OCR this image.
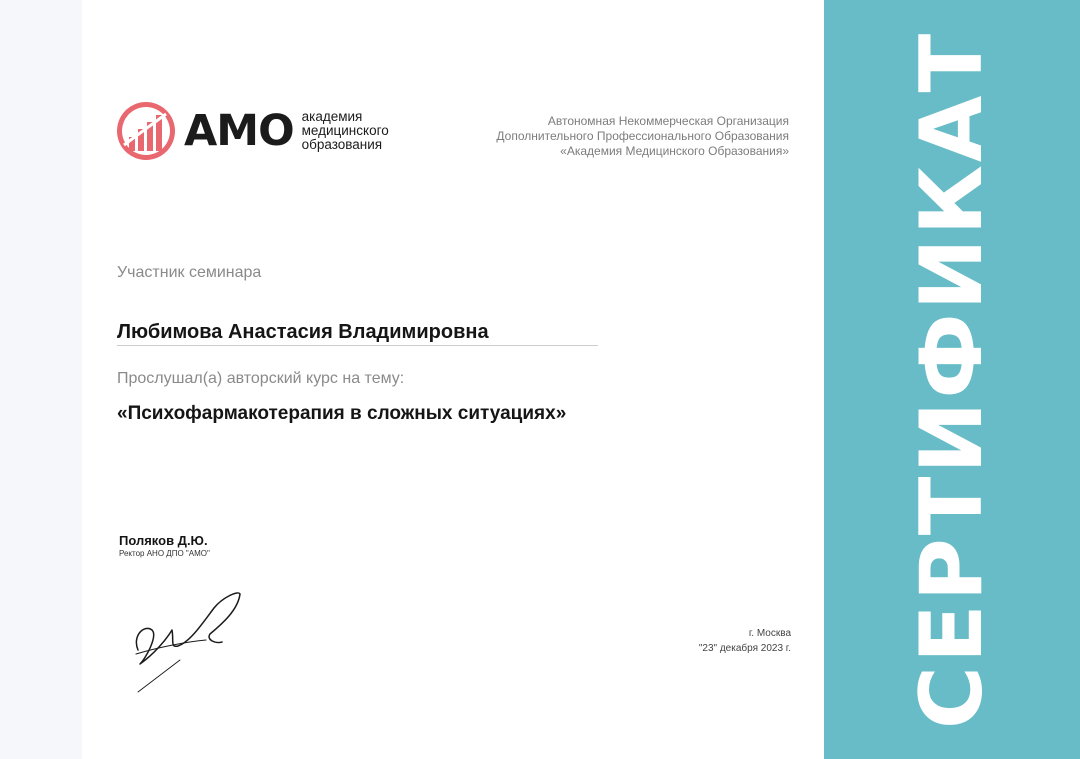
АМО академия
медицинского
образования
Автономная Некоммерческая Организация
Дополнительного Профессионального Образования
«Академия Медицинского Образования»
Участник семинара
Любимова Анастасия Владимировна
Прослушал(а) авторский курс на тему:
«Психофармакотерапия в сложных ситуациях»
Поляков Д.Ю.
Ректор АНО ДПО "АМО"
г. Москва
"23" декабря 2023 г. СЕРТИФИКАТ
